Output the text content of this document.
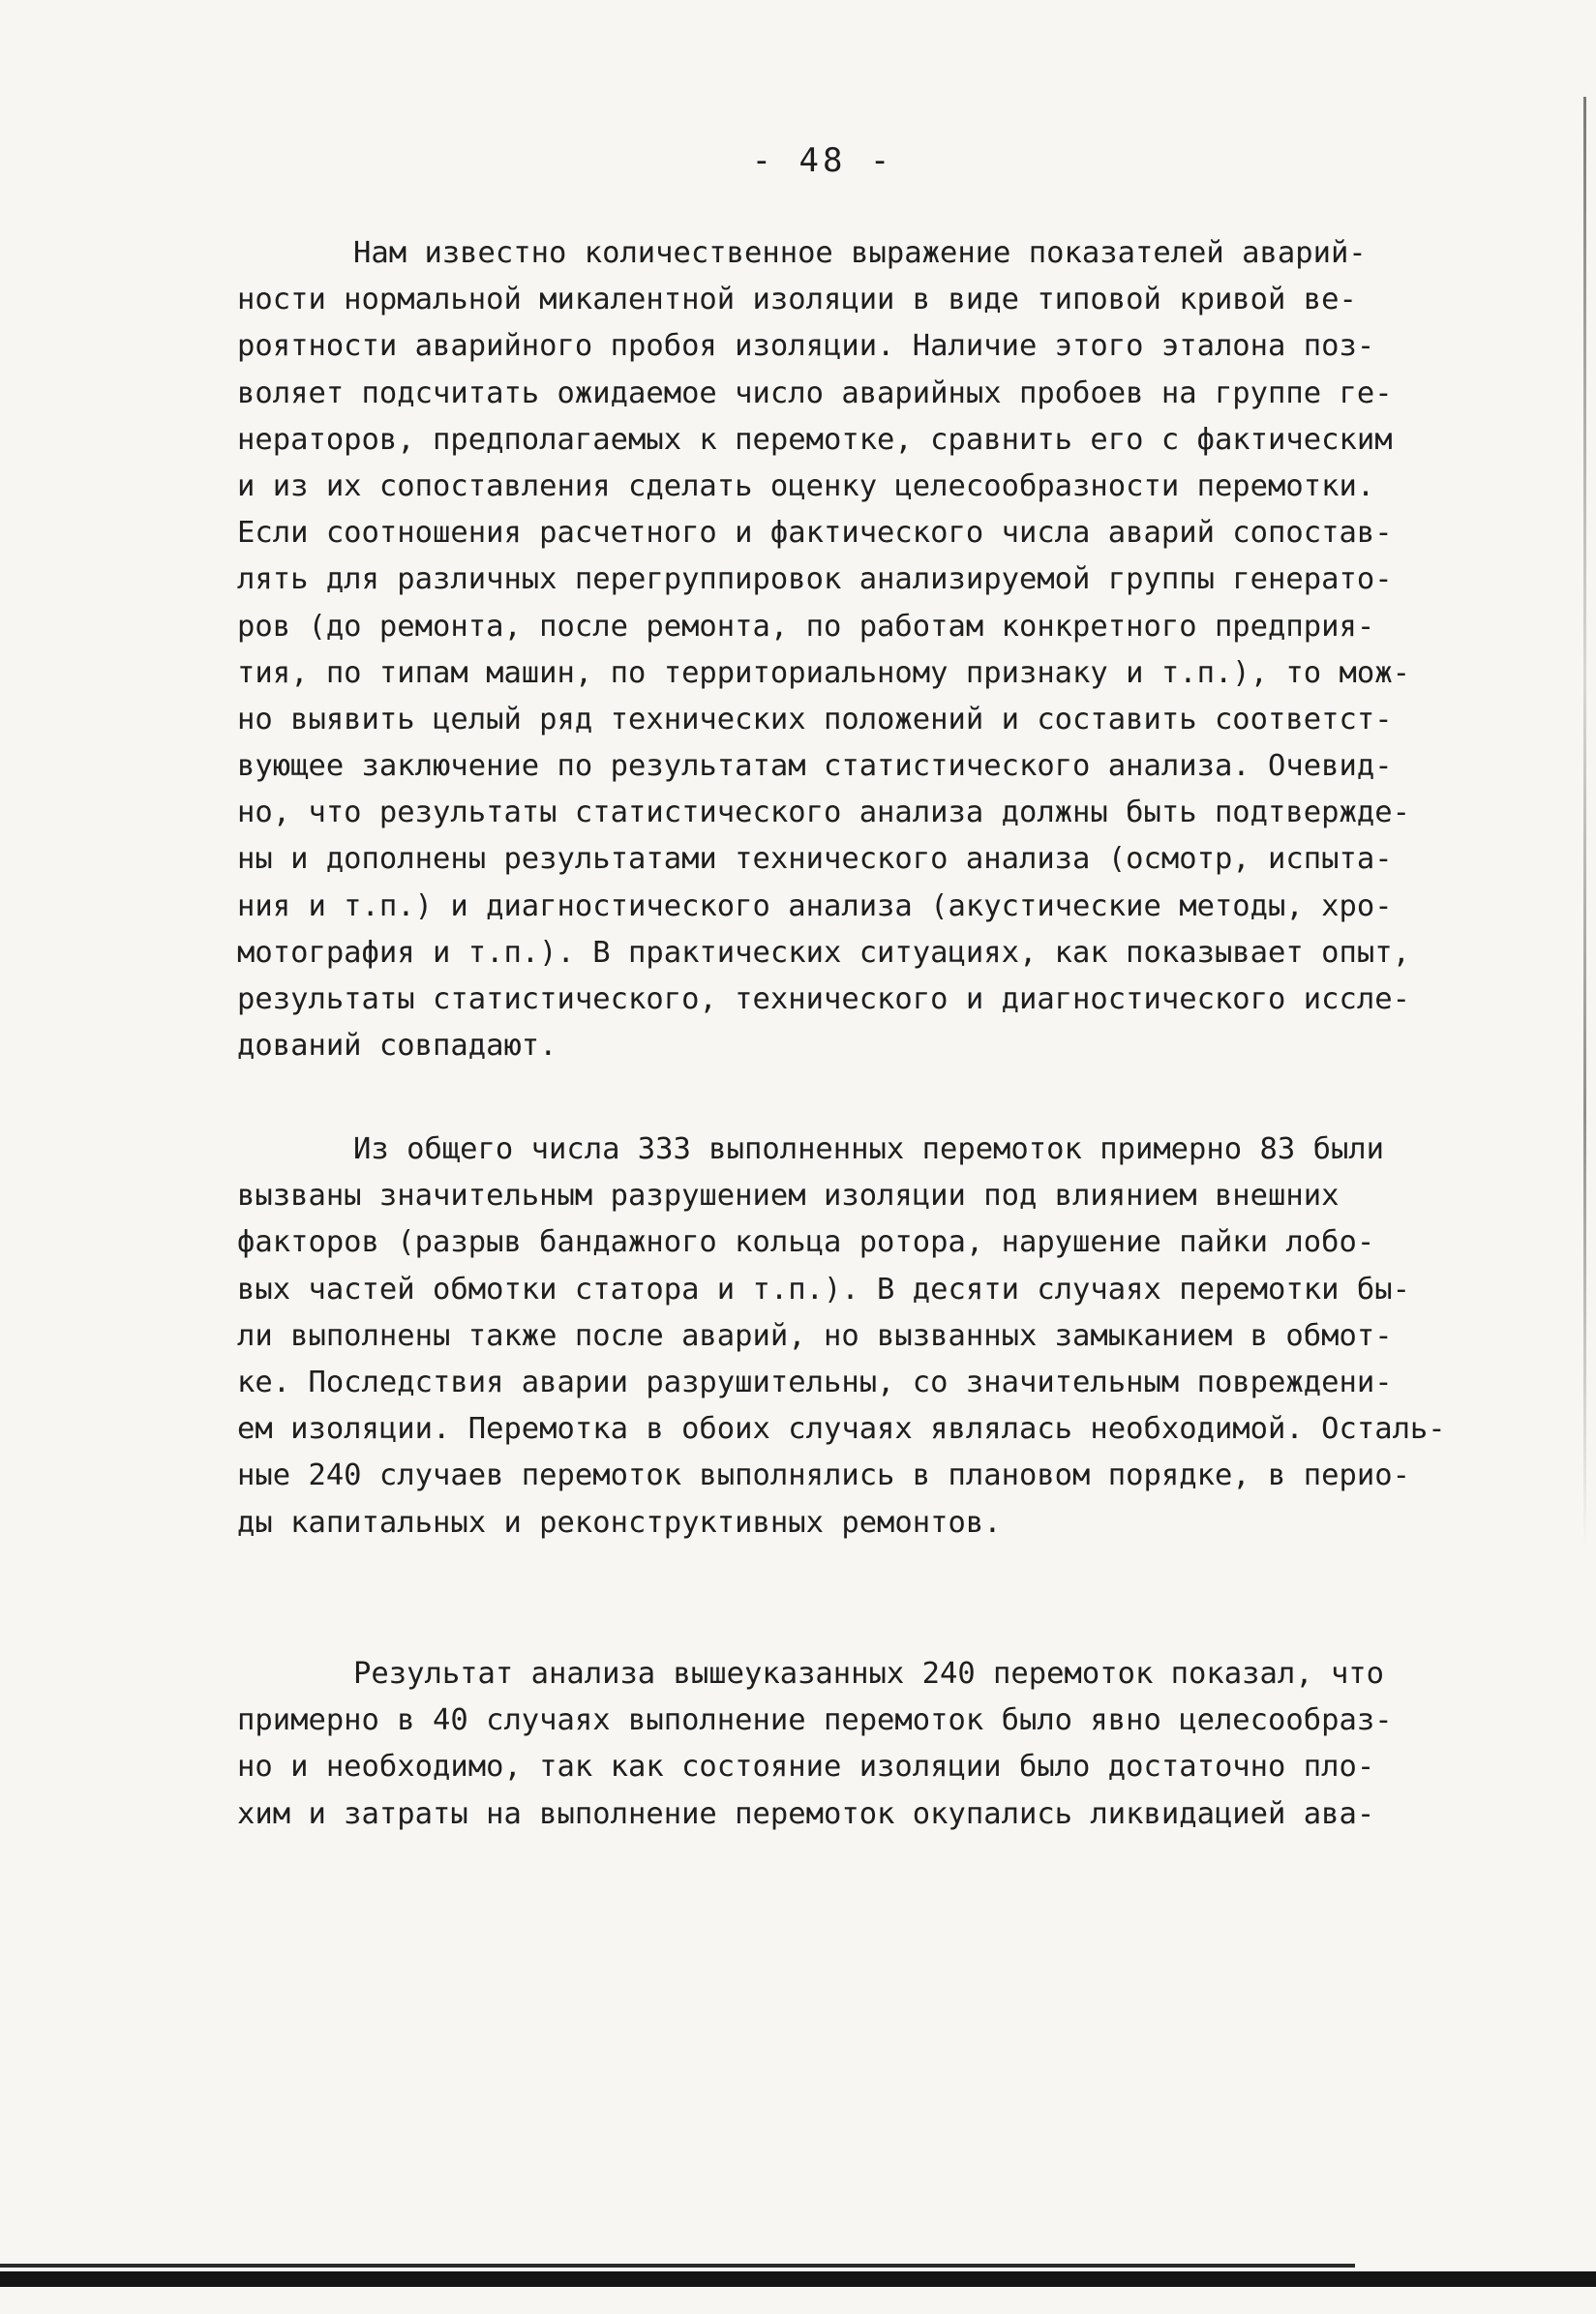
- 48 -
Нам известно количественное выражение показателей аварий-
ности нормальной микалентной изоляции в виде типовой кривой ве-
роятности аварийного пробоя изоляции. Наличие этого эталона поз-
воляет подсчитать ожидаемое число аварийных пробоев на группе ге-
нераторов, предполагаемых к перемотке, сравнить его с фактическим
и из их сопоставления сделать оценку целесообразности перемотки.
Если соотношения расчетного и фактического числа аварий сопостав-
лять для различных перегруппировок анализируемой группы генерато-
ров (до ремонта, после ремонта, по работам конкретного предприя-
тия, по типам машин, по территориальному признаку и т.п.), то мож-
но выявить целый ряд технических положений и составить соответст-
вующее заключение по результатам статистического анализа. Очевид-
но, что результаты статистического анализа должны быть подтвержде-
ны и дополнены результатами технического анализа (осмотр, испыта-
ния и т.п.) и диагностического анализа (акустические методы, хро-
мотография и т.п.). В практических ситуациях, как показывает опыт,
результаты статистического, технического и диагностического иссле-
дований совпадают.
Из общего числа 333 выполненных перемоток примерно 83 были
вызваны значительным разрушением изоляции под влиянием внешних
факторов (разрыв бандажного кольца ротора, нарушение пайки лобо-
вых частей обмотки статора и т.п.). В десяти случаях перемотки бы-
ли выполнены также после аварий, но вызванных замыканием в обмот-
ке. Последствия аварии разрушительны, со значительным повреждени-
ем изоляции. Перемотка в обоих случаях являлась необходимой. Осталь-
ные 240 случаев перемоток выполнялись в плановом порядке, в перио-
ды капитальных и реконструктивных ремонтов.
Результат анализа вышеуказанных 240 перемоток показал, что
примерно в 40 случаях выполнение перемоток было явно целесообраз-
но и необходимо, так как состояние изоляции было достаточно пло-
хим и затраты на выполнение перемоток окупались ликвидацией ава-
